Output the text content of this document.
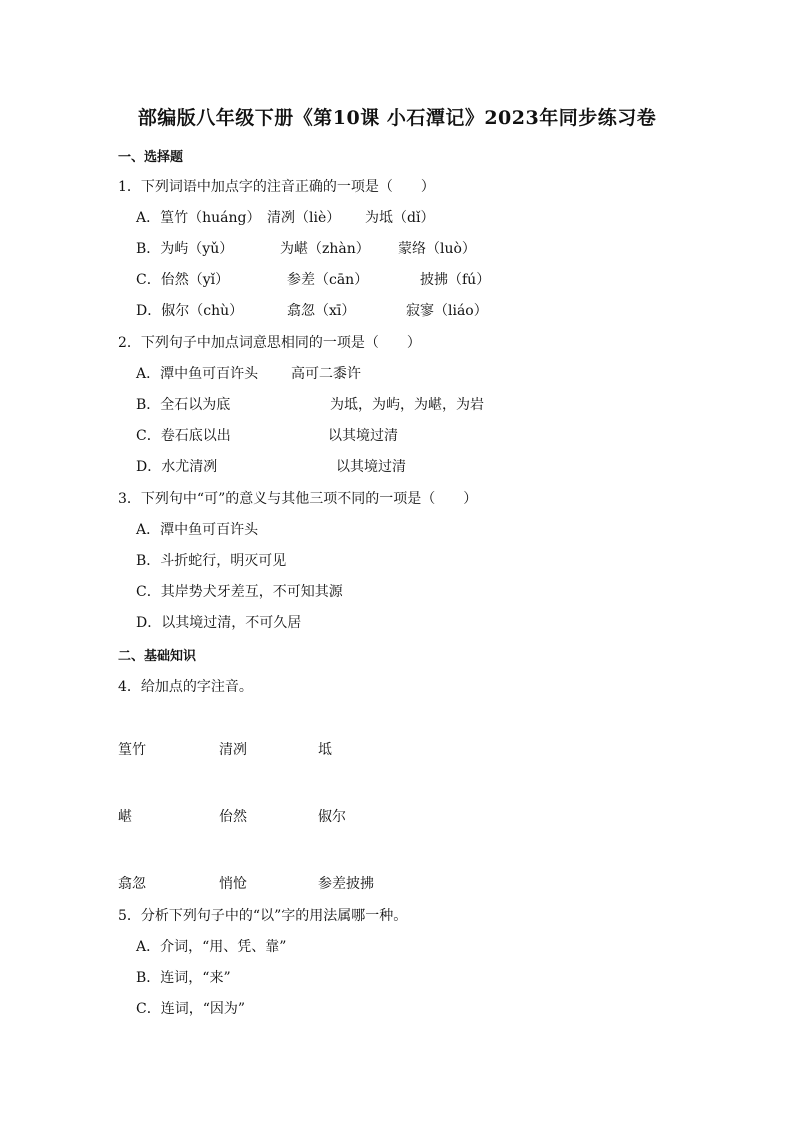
部编版八年级下册《第10课 小石潭记》2023年同步练习卷
一、选择题
1．下列词语中加点字的注音正确的一项是（　　）
A．篁竹（huáng） 清冽（liè） 为坻（dǐ）
B．为屿（yǔ）	为嵁（zhàn） 蒙络（luò）
C．佁然（yǐ）	参差（cān）	披拂（fú）
D．俶尔（chù）	翕忽（xī）	寂寥（liáo）
2．下列句子中加点词意思相同的一项是（　　）
A．潭中鱼可百许头 高可二黍许
B．全石以为底	为坻，为屿，为嵁，为岩
C．卷石底以出	以其境过清
D．水尤清冽	以其境过清
3．下列句中“可”的意义与其他三项不同的一项是（　　）
A．潭中鱼可百许头
B．斗折蛇行，明灭可见
C．其岸势犬牙差互，不可知其源
D．以其境过清，不可久居
二、基础知识
4．给加点的字注音。
篁竹	清冽	坻
嵁	佁然	俶尔
翕忽	悄怆	参差披拂
5．分析下列句子中的“以”字的用法属哪一种。
A．介词，“用、凭、靠”
B．连词，“来”
C．连词，“因为”
